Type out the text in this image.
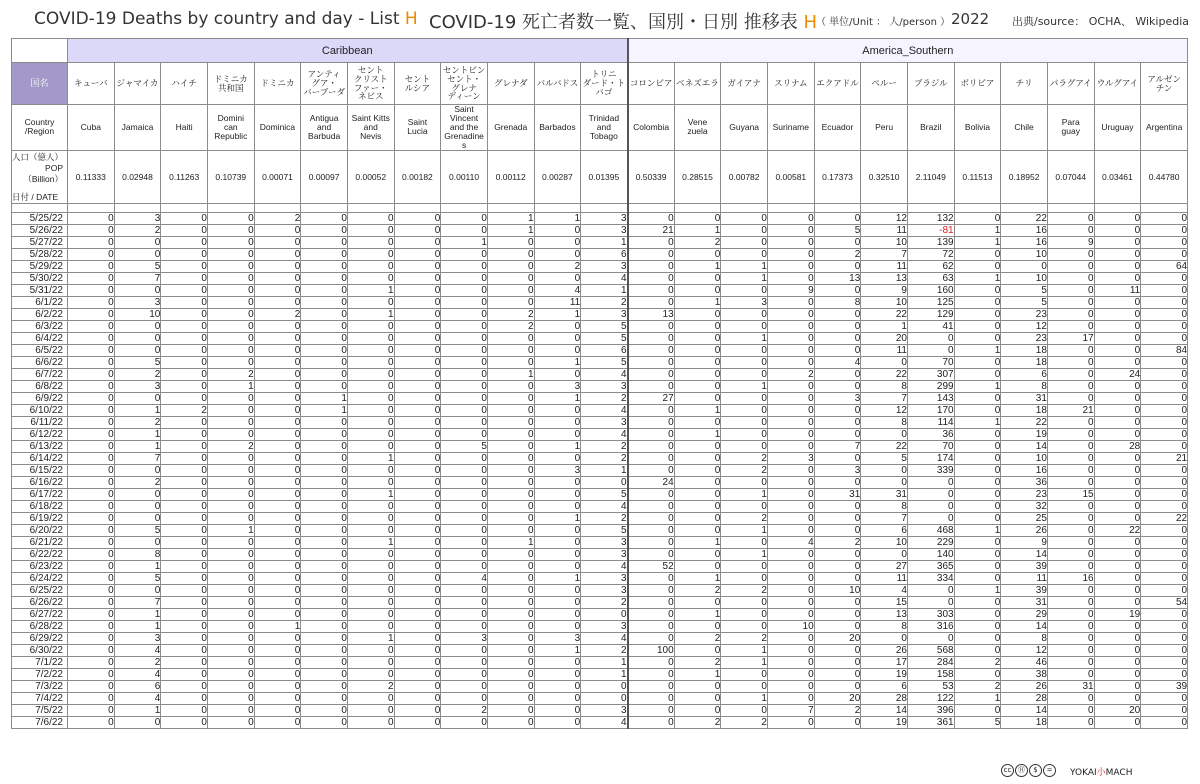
COVID-19 Deaths by country and day - List H COVID-19 死亡者数一覧、国別・日別 推移表 H
（ 単位/Unit ： 人/person ） 2022 出典/source： OCHA、 Wikipedia
	Caribbean												America_Southern											
国名	キューバ	ジャマイカ	ハイチ	ドミニカ
共和国	ドミニカ	アンティ
グア・
バーブーダ	セント
クリスト
ファー・
ネビス	セント
ルシア	セントビン
セント・
グレナ
ディーン	グレナダ	バルバドス	トリニ
ダード・ト
バゴ	コロンビア	ベネズエラ	ガイアナ	スリナム	エクアドル	ペルー	ブラジル	ボリビア	チリ	パラグアイ	ウルグアイ	アルゼン
チン
Country
/Region	Cuba	Jamaica	Haiti	Domini
can
Republic	Dominica	Antigua
and
Barbuda	Saint Kitts
and
Nevis	Saint
Lucia	Saint
Vincent
and the
Grenadine
s	Grenada	Barbados	Trinidad
and
Tobago	Colombia	Vene
zuela	Guyana	Suriname	Ecuador	Peru	Brazil	Bolivia	Chile	Para
guay	Uruguay	Argentina

人口（億人）
POP
（Billion）
日付 / DATE	0.11333	0.02948	0.11263	0.10739	0.00071	0.00097	0.00052	0.00182	0.00110	0.00112	0.00287	0.01395	0.50339	0.28515	0.00782	0.00581	0.17373	0.32510	2.11049	0.11513	0.18952	0.07044	0.03461	0.44780

5/25/22	0	3	0	0	2	0	0	0	0	1	1	3	0	0	0	0	0	12	132	0	22	0	0	0
5/26/22	0	2	0	0	0	0	0	0	0	1	0	3	21	1	0	0	5	11	-81	1	16	0	0	0
5/27/22	0	0	0	0	0	0	0	0	1	0	0	1	0	2	0	0	0	10	139	1	16	9	0	0
5/28/22	0	0	0	0	0	0	0	0	0	0	0	6	0	0	0	0	2	7	72	0	10	0	0	0
5/29/22	0	5	0	0	0	0	0	0	0	0	2	3	0	1	1	0	0	11	62	0	0	0	0	64
5/30/22	0	7	0	0	0	0	0	0	0	0	0	4	0	0	1	0	13	13	63	1	10	0	0	0
5/31/22	0	0	0	0	0	0	1	0	0	0	4	1	0	0	0	9	0	9	160	0	5	0	11	0
6/1/22	0	3	0	0	0	0	0	0	0	0	11	2	0	1	3	0	8	10	125	0	5	0	0	0
6/2/22	0	10	0	0	2	0	1	0	0	2	1	3	13	0	0	0	0	22	129	0	23	0	0	0
6/3/22	0	0	0	0	0	0	0	0	0	2	0	5	0	0	0	0	0	1	41	0	12	0	0	0
6/4/22	0	0	0	0	0	0	0	0	0	0	0	5	0	0	1	0	0	20	0	0	23	17	0	0
6/5/22	0	0	0	0	0	0	0	0	0	0	0	6	0	0	0	0	0	11	0	1	18	0	0	84
6/6/22	0	5	0	0	0	0	0	0	0	0	1	5	0	0	0	0	4	0	70	0	18	0	0	0
6/7/22	0	2	0	2	0	0	0	0	0	1	0	4	0	0	0	2	0	22	307	0	6	0	24	0
6/8/22	0	3	0	1	0	0	0	0	0	0	3	3	0	0	1	0	0	8	299	1	8	0	0	0
6/9/22	0	0	0	0	0	1	0	0	0	0	1	2	27	0	0	0	3	7	143	0	31	0	0	0
6/10/22	0	1	2	0	0	1	0	0	0	0	0	4	0	1	0	0	0	12	170	0	18	21	0	0
6/11/22	0	2	0	0	0	0	0	0	0	0	0	3	0	0	0	0	0	8	114	1	22	0	0	0
6/12/22	0	1	0	0	0	0	0	0	0	0	0	4	0	1	0	0	0	0	36	0	19	0	0	0
6/13/22	0	1	0	2	0	0	0	0	5	0	1	2	0	0	0	0	7	22	70	0	14	0	28	0
6/14/22	0	7	0	0	0	0	1	0	0	0	0	2	0	0	2	3	0	5	174	0	10	0	0	21
6/15/22	0	0	0	0	0	0	0	0	0	0	3	1	0	0	2	0	3	0	339	0	16	0	0	0
6/16/22	0	2	0	0	0	0	0	0	0	0	0	0	24	0	0	0	0	0	0	0	36	0	0	0
6/17/22	0	0	0	0	0	0	1	0	0	0	0	5	0	0	1	0	31	31	0	0	23	15	0	0
6/18/22	0	0	0	0	0	0	0	0	0	0	0	4	0	0	0	0	0	8	0	0	32	0	0	0
6/19/22	0	0	0	0	0	0	0	0	0	0	1	2	0	0	2	0	0	7	0	0	25	0	0	22
6/20/22	0	5	0	1	0	0	0	0	0	0	0	5	0	0	1	0	0	6	468	1	26	0	22	0
6/21/22	0	0	0	0	0	0	1	0	0	1	0	3	0	1	0	4	2	10	229	0	9	0	0	0
6/22/22	0	8	0	0	0	0	0	0	0	0	0	3	0	0	1	0	0	0	140	0	14	0	0	0
6/23/22	0	1	0	0	0	0	0	0	0	0	0	4	52	0	0	0	0	27	365	0	39	0	0	0
6/24/22	0	5	0	0	0	0	0	0	4	0	1	3	0	1	0	0	0	11	334	0	11	16	0	0
6/25/22	0	0	0	0	0	0	0	0	0	0	0	3	0	2	2	0	10	4	0	1	39	0	0	0
6/26/22	0	7	0	0	0	0	0	0	0	0	0	2	0	0	0	0	0	15	0	0	31	0	0	54
6/27/22	0	1	0	0	0	0	0	0	0	0	0	0	0	1	0	0	0	13	303	0	29	0	19	0
6/28/22	0	1	0	0	1	0	0	0	0	0	0	3	0	0	0	10	0	8	316	0	14	0	0	0
6/29/22	0	3	0	0	0	0	1	0	3	0	3	4	0	2	2	0	20	0	0	0	8	0	0	0
6/30/22	0	4	0	0	0	0	0	0	0	0	1	2	100	0	1	0	0	26	568	0	12	0	0	0
7/1/22	0	2	0	0	0	0	0	0	0	0	0	1	0	2	1	0	0	17	284	2	46	0	0	0
7/2/22	0	4	0	0	0	0	0	0	0	0	0	1	0	1	0	0	0	19	158	0	38	0	0	0
7/3/22	0	6	0	0	0	0	2	0	0	0	0	0	0	0	0	0	0	6	53	2	26	31	0	39
7/4/22	0	4	0	0	0	0	0	0	0	0	0	0	0	0	1	0	20	28	122	1	28	0	0	0
7/5/22	0	1	0	0	0	0	0	0	2	0	0	3	0	0	0	7	2	14	396	0	14	0	20	0
7/6/22	0	0	0	0	0	0	0	0	0	0	0	4	0	2	2	0	0	19	361	5	18	0	0	0
cc Ⓗ	$	=	YOKAI小MACH
